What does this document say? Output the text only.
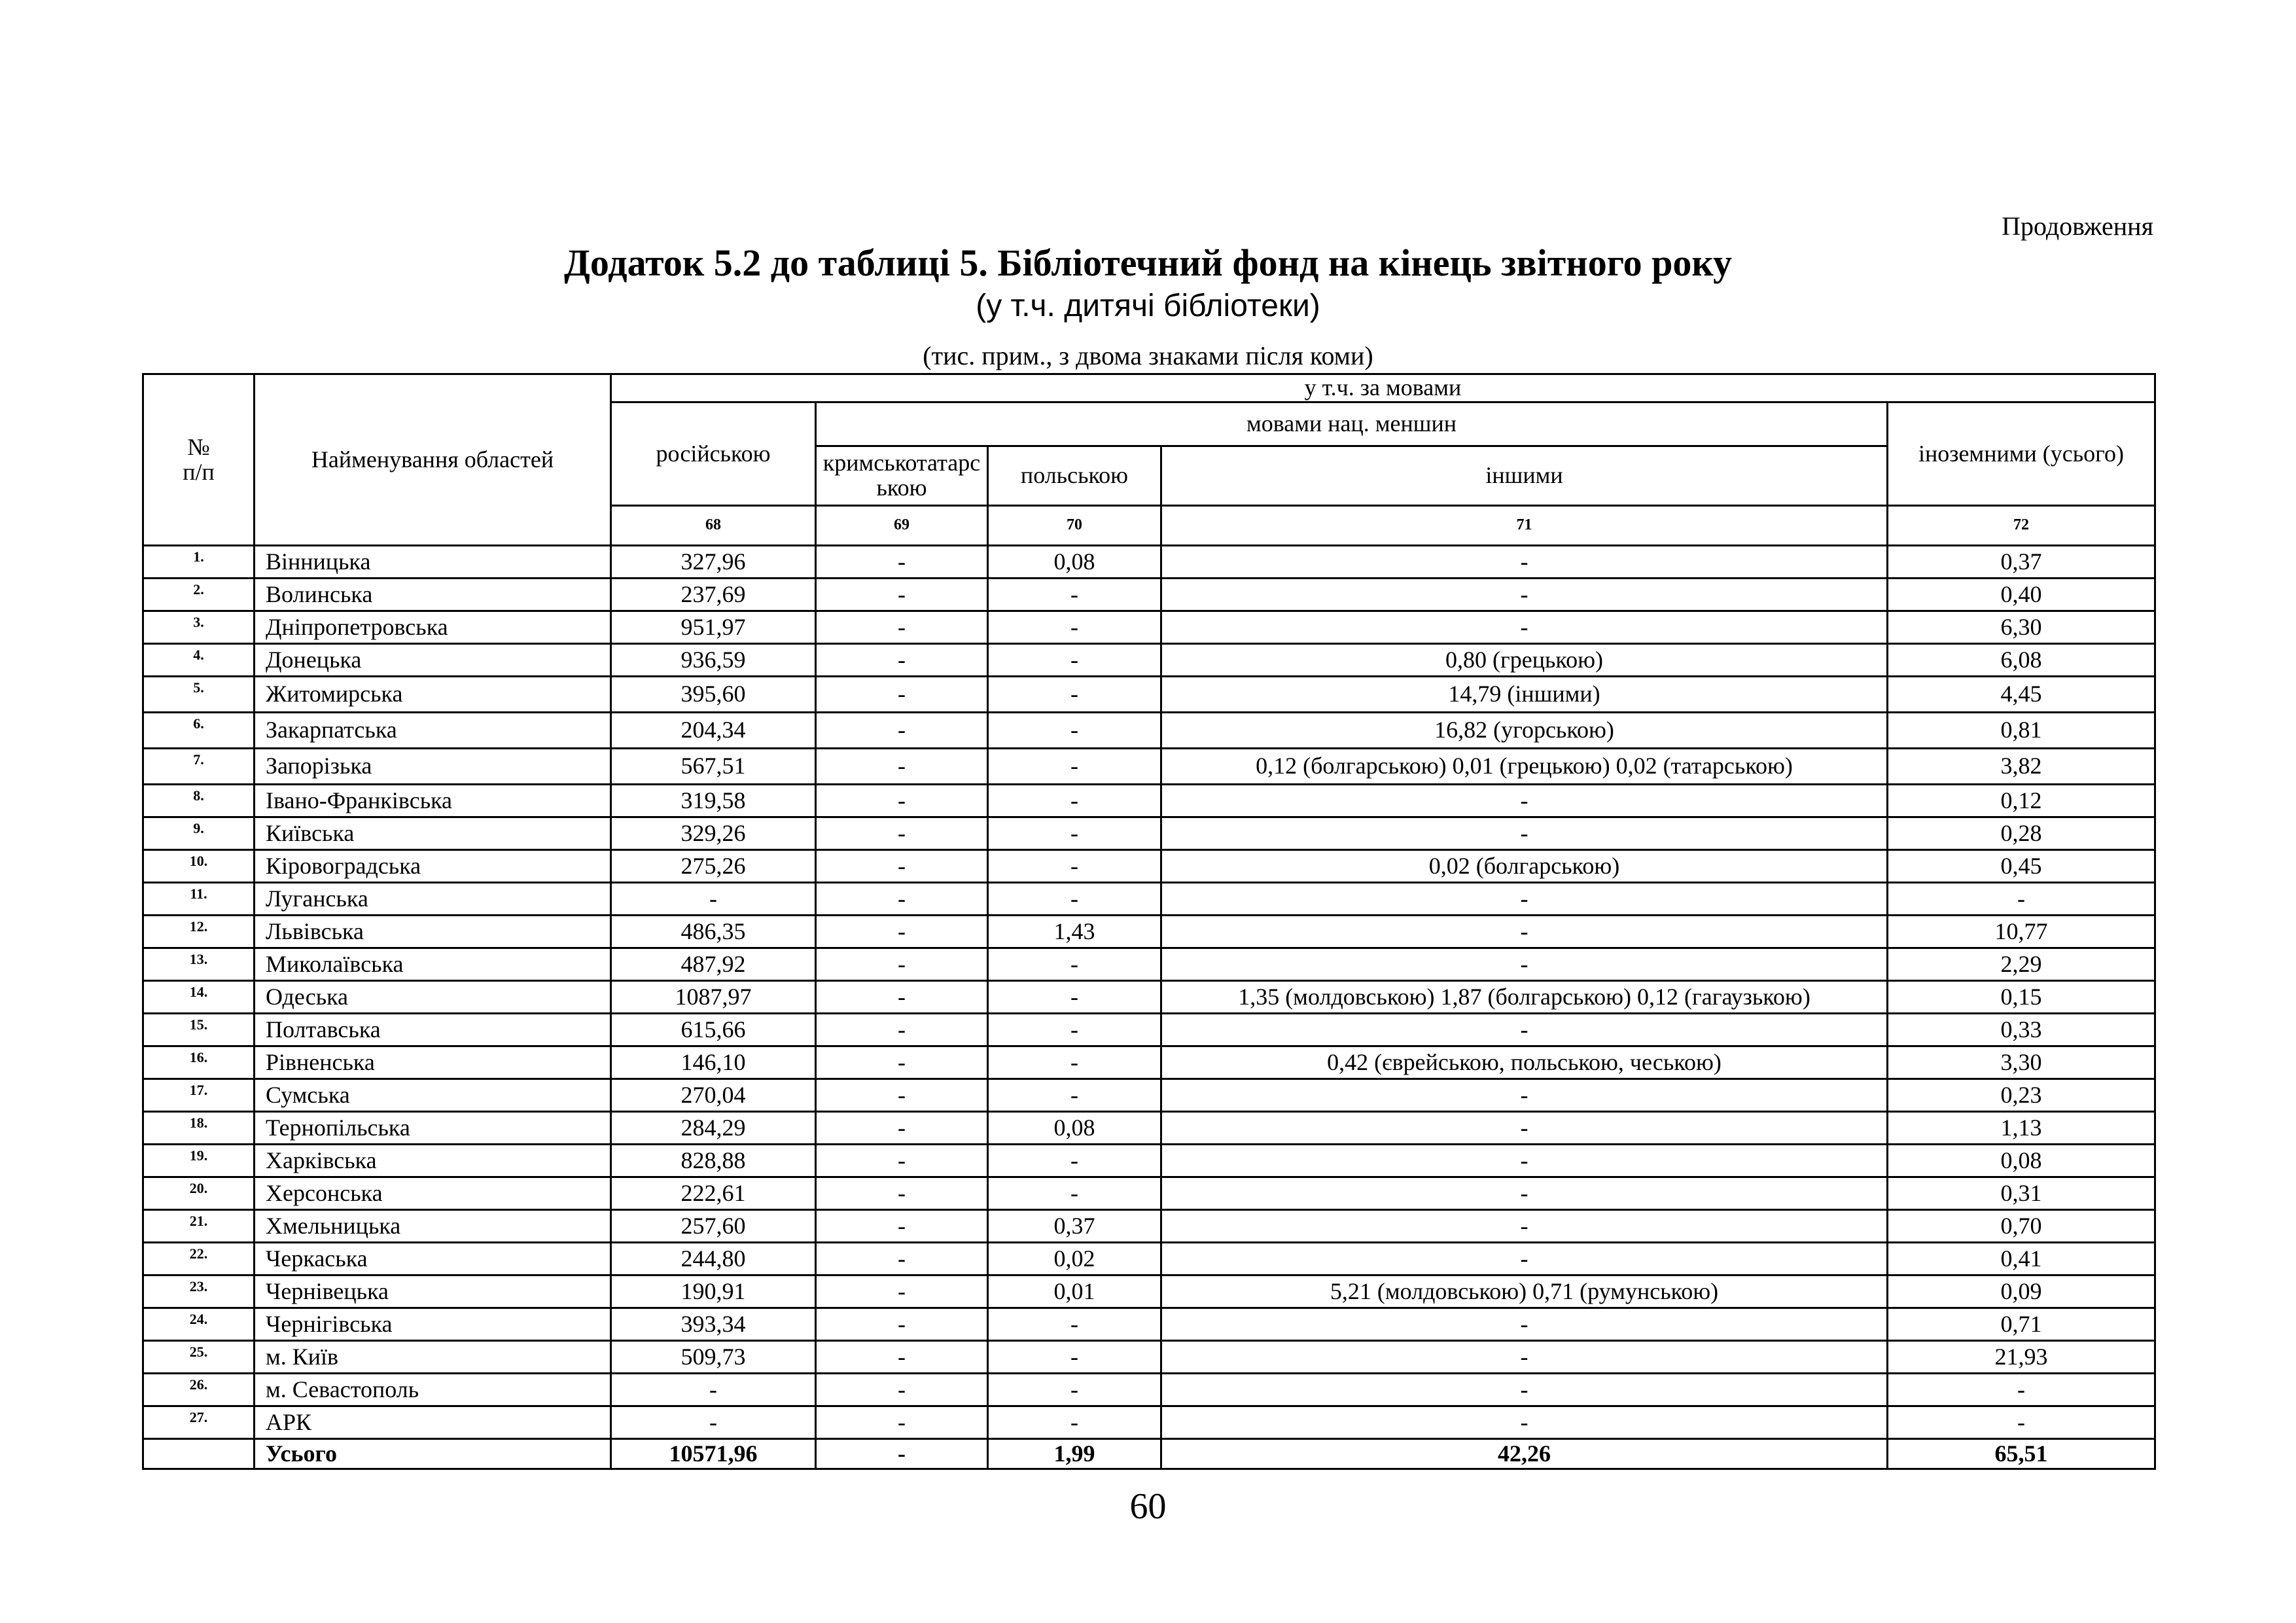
Продовження
Додаток 5.2 до таблиці 5. Бібліотечний фонд на кінець звітного року
(у т.ч. дитячі бібліотеки)
(тис. прим., з двома знаками після коми)
№
п/п	Найменування областей	у т.ч. за мовами				
		російською	мовами нац. меншин			іноземними (усього)
			кримськотатарською	польською	іншими	
		68	69	70	71	72
1.	Вінницька	327,96	-	0,08	-	0,37
2.	Волинська	237,69	-	-	-	0,40
3.	Дніпропетровська	951,97	-	-	-	6,30
4.	Донецька	936,59	-	-	0,80 (грецькою)	6,08
5.	Житомирська	395,60	-	-	14,79 (іншими)	4,45
6.	Закарпатська	204,34	-	-	16,82 (угорською)	0,81
7.	Запорізька	567,51	-	-	0,12 (болгарською) 0,01 (грецькою) 0,02 (татарською)	3,82
8.	Івано-Франківська	319,58	-	-	-	0,12
9.	Київська	329,26	-	-	-	0,28
10.	Кіровоградська	275,26	-	-	0,02 (болгарською)	0,45
11.	Луганська	-	-	-	-	-
12.	Львівська	486,35	-	1,43	-	10,77
13.	Миколаївська	487,92	-	-	-	2,29
14.	Одеська	1087,97	-	-	1,35 (молдовською) 1,87 (болгарською) 0,12 (гагаузькою)	0,15
15.	Полтавська	615,66	-	-	-	0,33
16.	Рівненська	146,10	-	-	0,42 (єврейською, польською, чеською)	3,30
17.	Сумська	270,04	-	-	-	0,23
18.	Тернопільська	284,29	-	0,08	-	1,13
19.	Харківська	828,88	-	-	-	0,08
20.	Херсонська	222,61	-	-	-	0,31
21.	Хмельницька	257,60	-	0,37	-	0,70
22.	Черкаська	244,80	-	0,02	-	0,41
23.	Чернівецька	190,91	-	0,01	5,21 (молдовською) 0,71 (румунською)	0,09
24.	Чернігівська	393,34	-	-	-	0,71
25.	м. Київ	509,73	-	-	-	21,93
26.	м. Севастополь	-	-	-	-	-
27.	АРК	-	-	-	-	-
	Усього	10571,96	-	1,99	42,26	65,51
60
